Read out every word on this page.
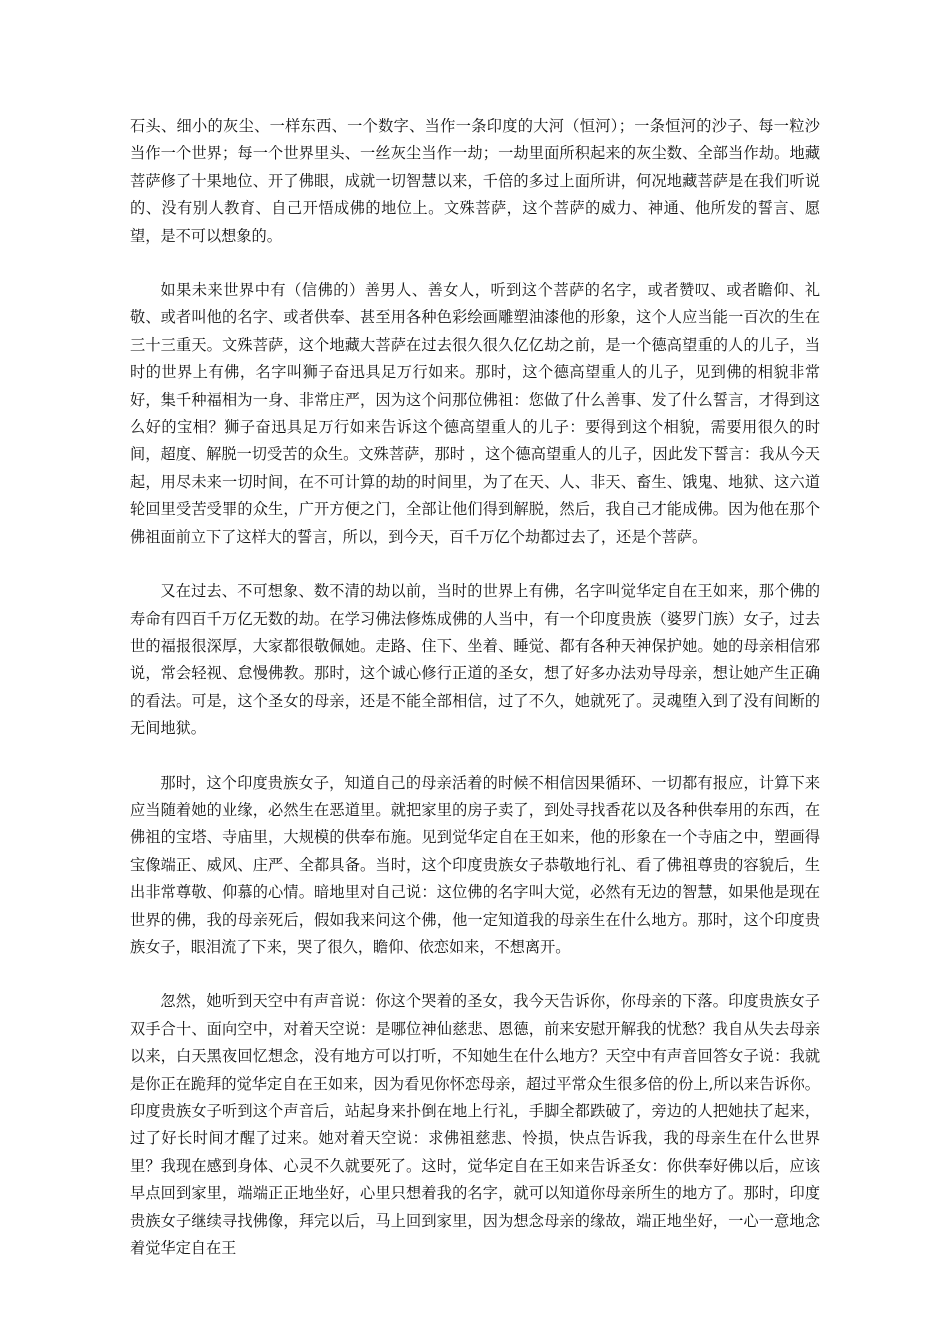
石头、细小的灰尘、一样东西、一个数字、当作一条印度的大河（恒河）；一条恒河的沙子、每一粒沙当作一个世界；每一个世界里头、一丝灰尘当作一劫；一劫里面所积起来的灰尘数、全部当作劫。地藏菩萨修了十果地位、开了佛眼，成就一切智慧以来，千倍的多过上面所讲，何况地藏菩萨是在我们听说的、没有别人教育、自己开悟成佛的地位上。文殊菩萨，这个菩萨的威力、神通、他所发的誓言、愿望，是不可以想象的。

如果未来世界中有（信佛的）善男人、善女人，听到这个菩萨的名字，或者赞叹、或者瞻仰、礼敬、或者叫他的名字、或者供奉、甚至用各种色彩绘画雕塑油漆他的形象，这个人应当能一百次的生在三十三重天。文殊菩萨，这个地藏大菩萨在过去很久很久亿亿劫之前，是一个德高望重的人的儿子，当时的世界上有佛，名字叫狮子奋迅具足万行如来。那时，这个德高望重人的儿子，见到佛的相貌非常好，集千种福相为一身、非常庄严，因为这个问那位佛祖：您做了什么善事、发了什么誓言，才得到这么好的宝相？狮子奋迅具足万行如来告诉这个德高望重人的儿子：要得到这个相貌，需要用很久的时间，超度、解脱一切受苦的众生。文殊菩萨，那时 ，这个德高望重人的儿子，因此发下誓言：我从今天起，用尽未来一切时间，在不可计算的劫的时间里，为了在天、人、非天、畜生、饿鬼、地狱、这六道轮回里受苦受罪的众生，广开方便之门，全部让他们得到解脱，然后，我自己才能成佛。因为他在那个佛祖面前立下了这样大的誓言，所以，到今天，百千万亿个劫都过去了，还是个菩萨。

又在过去、不可想象、数不清的劫以前，当时的世界上有佛，名字叫觉华定自在王如来，那个佛的寿命有四百千万亿无数的劫。在学习佛法修炼成佛的人当中，有一个印度贵族（婆罗门族）女子，过去世的福报很深厚，大家都很敬佩她。走路、住下、坐着、睡觉、都有各种天神保护她。她的母亲相信邪说，常会轻视、怠慢佛教。那时，这个诚心修行正道的圣女，想了好多办法劝导母亲，想让她产生正确的看法。可是，这个圣女的母亲，还是不能全部相信，过了不久，她就死了。灵魂堕入到了没有间断的无间地狱。

那时，这个印度贵族女子，知道自己的母亲活着的时候不相信因果循环、一切都有报应，计算下来应当随着她的业缘，必然生在恶道里。就把家里的房子卖了，到处寻找香花以及各种供奉用的东西，在佛祖的宝塔、寺庙里，大规模的供奉布施。见到觉华定自在王如来，他的形象在一个寺庙之中，塑画得宝像端正、威风、庄严、全都具备。当时，这个印度贵族女子恭敬地行礼、看了佛祖尊贵的容貌后，生出非常尊敬、仰慕的心情。暗地里对自己说：这位佛的名字叫大觉，必然有无边的智慧，如果他是现在世界的佛，我的母亲死后，假如我来问这个佛，他一定知道我的母亲生在什么地方。那时，这个印度贵族女子，眼泪流了下来，哭了很久，瞻仰、依恋如来，不想离开。

忽然，她听到天空中有声音说：你这个哭着的圣女，我今天告诉你，你母亲的下落。印度贵族女子双手合十、面向空中，对着天空说：是哪位神仙慈悲、恩德，前来安慰开解我的忧愁？我自从失去母亲以来，白天黑夜回忆想念，没有地方可以打听，不知她生在什么地方？天空中有声音回答女子说：我就是你正在跪拜的觉华定自在王如来，因为看见你怀恋母亲，超过平常众生很多倍的份上,所以来告诉你。印度贵族女子听到这个声音后，站起身来扑倒在地上行礼，手脚全都跌破了，旁边的人把她扶了起来，过了好长时间才醒了过来。她对着天空说：求佛祖慈悲、怜损，快点告诉我，我的母亲生在什么世界里？我现在感到身体、心灵不久就要死了。这时，觉华定自在王如来告诉圣女：你供奉好佛以后，应该早点回到家里，端端正正地坐好，心里只想着我的名字，就可以知道你母亲所生的地方了。那时，印度贵族女子继续寻找佛像，拜完以后，马上回到家里，因为想念母亲的缘故，端正地坐好，一心一意地念着觉华定自在王
